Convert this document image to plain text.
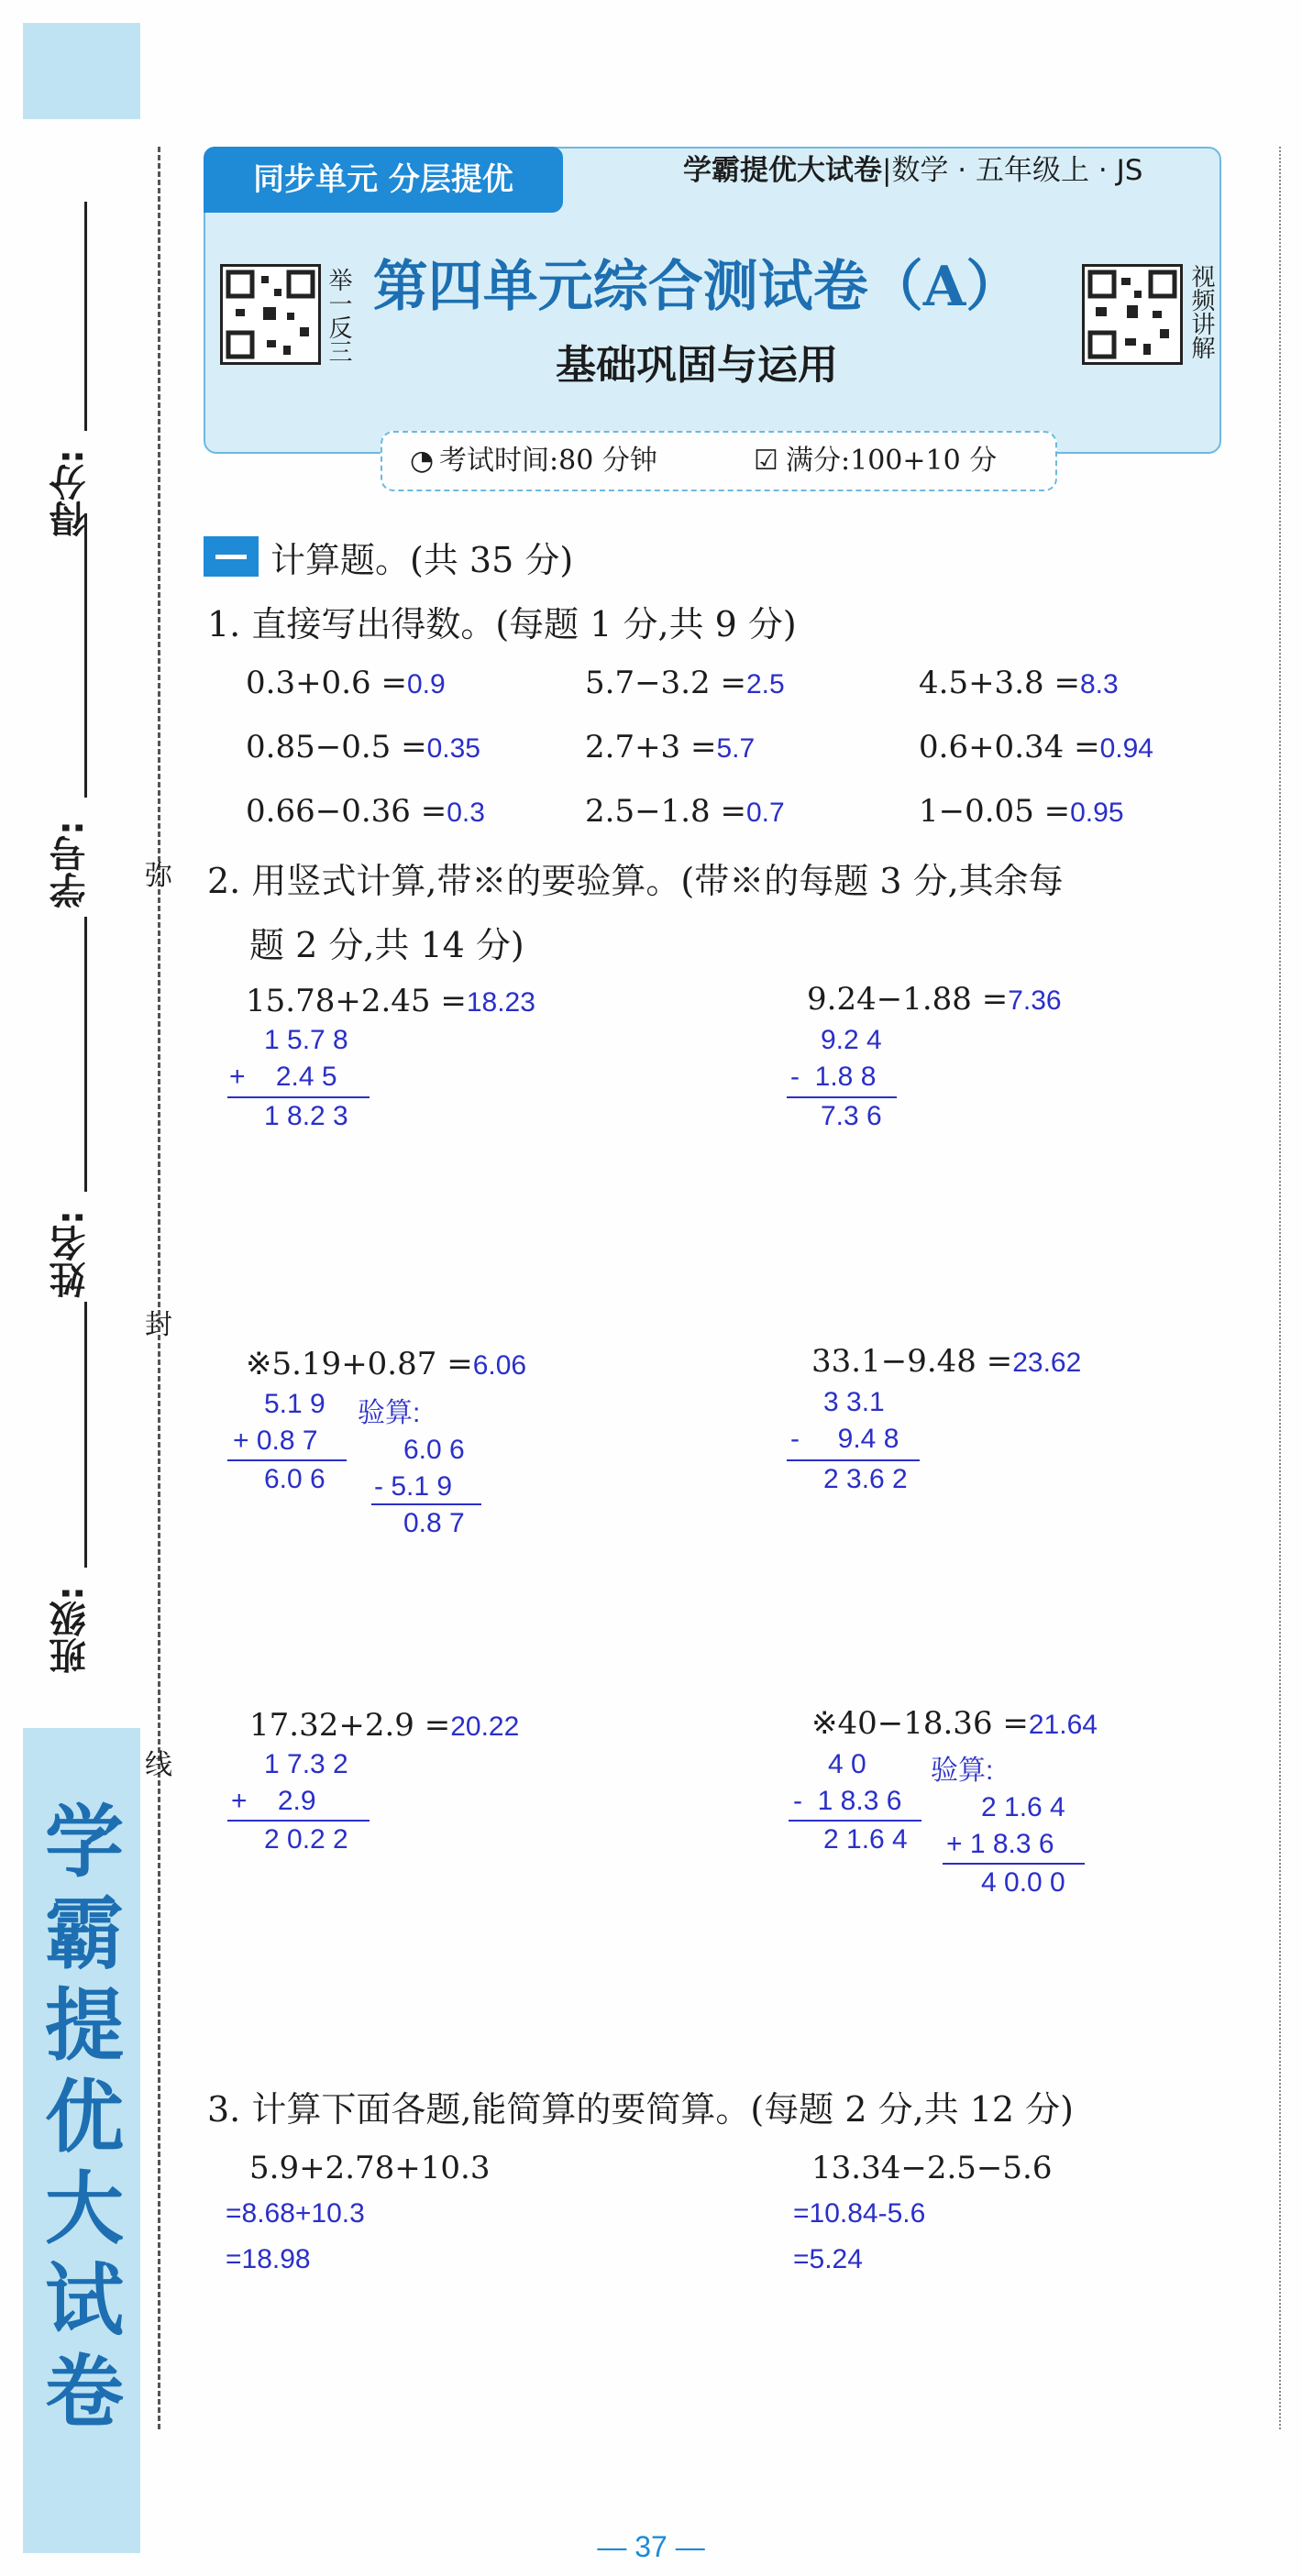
学霸提优大试卷
得分:
学号:
姓名:
班级:
弥
封
线
同步单元 分层提优	学霸提优大试卷|数学 · 五年级上 · JS
举一反三	视频讲解
第四单元综合测试卷（A）
基础巩固与运用
◔ 考试时间:80 分钟	☑ 满分:100+10 分
计算题。(共 35 分)
1. 直接写出得数。(每题 1 分,共 9 分)
0.3+0.6 =0.9	5.7−3.2 =2.5	4.5+3.8 =8.3
0.85−0.5 =0.35	2.7+3 =5.7	0.6+0.34 =0.94
0.66−0.36 =0.3	2.5−1.8 =0.7	1−0.05 =0.95
2. 用竖式计算,带※的要验算。(带※的每题 3 分,其余每
题 2 分,共 14 分)
15.78+2.45 =18.23
1 5.7 8
+    2.4 5
1 8.2 3
9.24−1.88 =7.36
9.2 4
-  1.8 8
7.3 6
※5.19+0.87 =6.06
5.1 9
+ 0.8 7
6.0 6
验算:
6.0 6
- 5.1 9
0.8 7
33.1−9.48 =23.62
3 3.1
-     9.4 8
2 3.6 2
17.32+2.9 =20.22
1 7.3 2
+    2.9
2 0.2 2
※40−18.36 =21.64
4 0
-  1 8.3 6
2 1.6 4
验算:
2 1.6 4
+ 1 8.3 6
4 0.0 0
3. 计算下面各题,能简算的要简算。(每题 2 分,共 12 分)
5.9+2.78+10.3
=8.68+10.3
=18.98
13.34−2.5−5.6
=10.84-5.6
=5.24
— 37 —
